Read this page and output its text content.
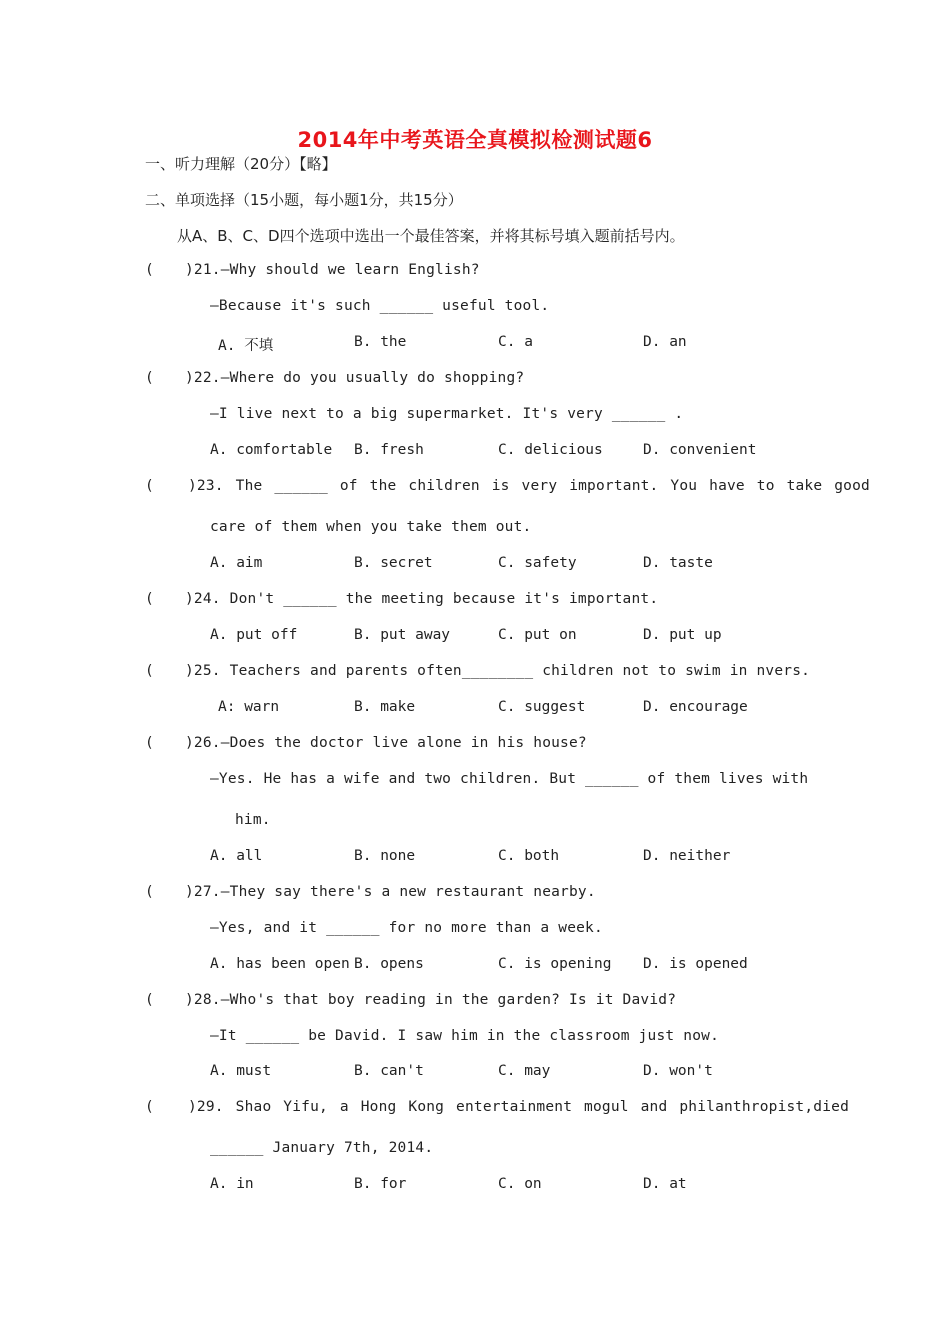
2014年中考英语全真模拟检测试题6
一、听力理解（20分）【略】
二、单项选择（15小题，每小题1分，共15分）
从A、B、C、D四个选项中选出一个最佳答案，并将其标号填入题前括号内。
( )21.—Why should we learn English?
—Because it's such ______ useful tool.
A. 不填	B. the	C. a	D. an
( )22.—Where do you usually do shopping?
—I live next to a big supermarket. It's very ______ .
A. comfortable B. fresh	C. delicious	D. convenient
( )23. The ______ of the children is very important. You have to take good
care of them when you take them out.
A. aim	B. secret	C. safety	D. taste
( )24. Don't ______ the meeting because it's important.
A. put off	B. put away	C. put on	D. put up
( )25. Teachers and parents often________ children not to swim in nvers.
A: warn	B. make	C. suggest	D. encourage
( )26.—Does the doctor live alone in his house?
—Yes. He has a wife and two children. But ______ of them lives with
him.
A. all	B. none	C. both	D. neither
( )27.—They say there's a new restaurant nearby.
—Yes, and it ______ for no more than a week.
A. has been open B. opens	C. is opening D. is opened
( )28.—Who's that boy reading in the garden? Is it David?
—It ______ be David. I saw him in the classroom just now.
A. must	B. can't	C. may	D. won't
( )29. Shao Yifu, a Hong Kong entertainment mogul and philanthropist,died
______ January 7th, 2014.
A. in	B. for	C. on	D. at
